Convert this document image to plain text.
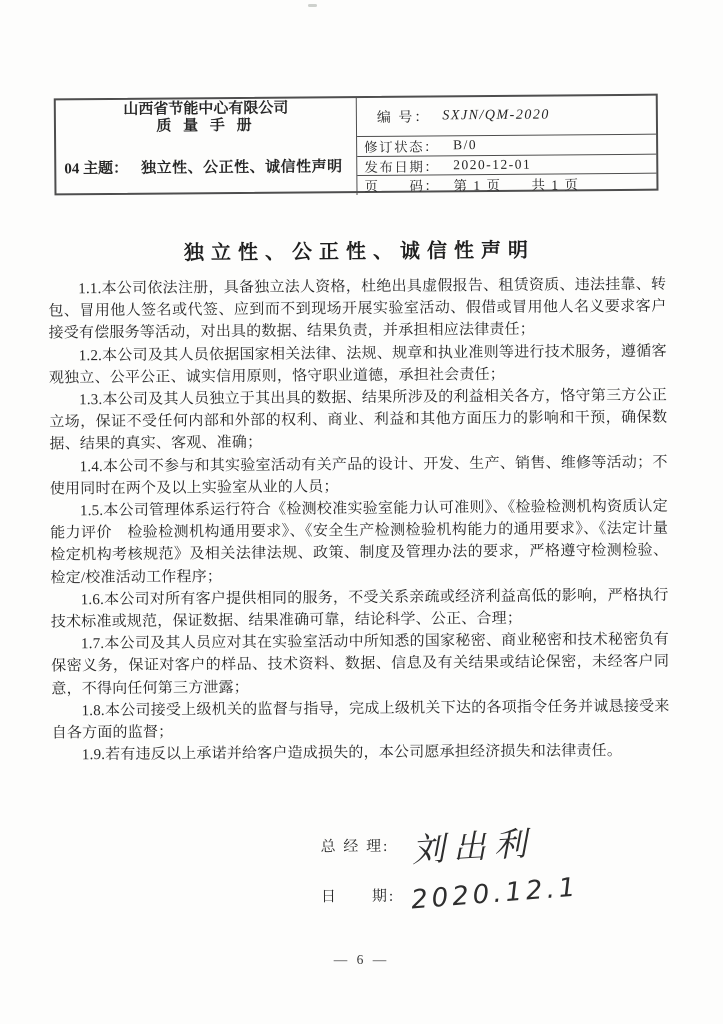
山西省节能中心有限公司
质 量 手 册	编 号： SXJN/QM-2020
04 主题： 独立性、公正性、诚信性声明
修订状态： B/0
发布日期： 2020-12-01
页　　码： 第 1 页　　共 1 页
独立性、公正性、诚信性声明

1.1.本公司依法注册，具备独立法人资格，杜绝出具虚假报告、租赁资质、违法挂靠、转包、冒用他人签名或代签、应到而不到现场开展实验室活动、假借或冒用他人名义要求客户接受有偿服务等活动，对出具的数据、结果负责，并承担相应法律责任；

1.2.本公司及其人员依据国家相关法律、法规、规章和执业准则等进行技术服务，遵循客观独立、公平公正、诚实信用原则，恪守职业道德，承担社会责任；

1.3.本公司及其人员独立于其出具的数据、结果所涉及的利益相关各方，恪守第三方公正立场，保证不受任何内部和外部的权利、商业、利益和其他方面压力的影响和干预，确保数据、结果的真实、客观、准确；

1.4.本公司不参与和其实验室活动有关产品的设计、开发、生产、销售、维修等活动；不使用同时在两个及以上实验室从业的人员；

1.5.本公司管理体系运行符合《检测校准实验室能力认可准则》、《检验检测机构资质认定能力评价　检验检测机构通用要求》、《安全生产检测检验机构能力的通用要求》、《法定计量检定机构考核规范》及相关法律法规、政策、制度及管理办法的要求，严格遵守检测检验、检定/校准活动工作程序；

1.6.本公司对所有客户提供相同的服务，不受关系亲疏或经济利益高低的影响，严格执行技术标准或规范，保证数据、结果准确可靠，结论科学、公正、合理；

1.7.本公司及其人员应对其在实验室活动中所知悉的国家秘密、商业秘密和技术秘密负有保密义务，保证对客户的样品、技术资料、数据、信息及有关结果或结论保密，未经客户同意，不得向任何第三方泄露；

1.8.本公司接受上级机关的监督与指导，完成上级机关下达的各项指令任务并诚恳接受来自各方面的监督；

1.9.若有违反以上承诺并给客户造成损失的，本公司愿承担经济损失和法律责任。

总 经 理: 刘出利
日　　期: 2020.12.1
— 6 —
